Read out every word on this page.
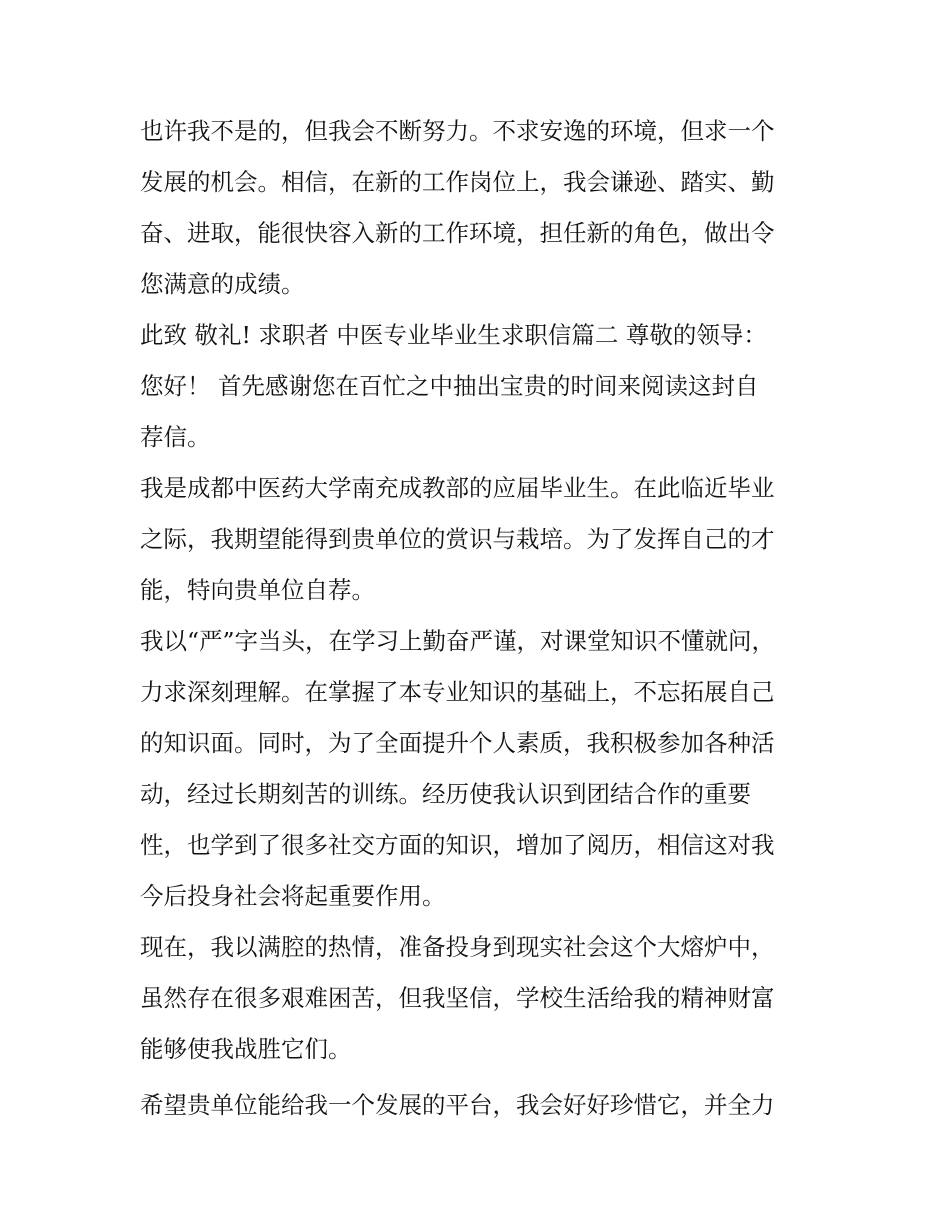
也许我不是的，但我会不断努力。不求安逸的环境，但求一个
发展的机会。相信，在新的工作岗位上，我会谦逊、踏实、勤
奋、进取，能很快容入新的工作环境，担任新的角色，做出令
您满意的成绩。
此致 敬礼! 求职者 中医专业毕业生求职信篇二 尊敬的领导：
您好！ 首先感谢您在百忙之中抽出宝贵的时间来阅读这封自
荐信。
我是成都中医药大学南充成教部的应届毕业生。在此临近毕业
之际，我期望能得到贵单位的赏识与栽培。为了发挥自己的才
能，特向贵单位自荐。
我以“严”字当头，在学习上勤奋严谨，对课堂知识不懂就问，
力求深刻理解。在掌握了本专业知识的基础上，不忘拓展自己
的知识面。同时，为了全面提升个人素质，我积极参加各种活
动，经过长期刻苦的训练。经历使我认识到团结合作的重要
性，也学到了很多社交方面的知识，增加了阅历，相信这对我
今后投身社会将起重要作用。
现在，我以满腔的热情，准备投身到现实社会这个大熔炉中，
虽然存在很多艰难困苦，但我坚信，学校生活给我的精神财富
能够使我战胜它们。
希望贵单位能给我一个发展的平台，我会好好珍惜它，并全力
